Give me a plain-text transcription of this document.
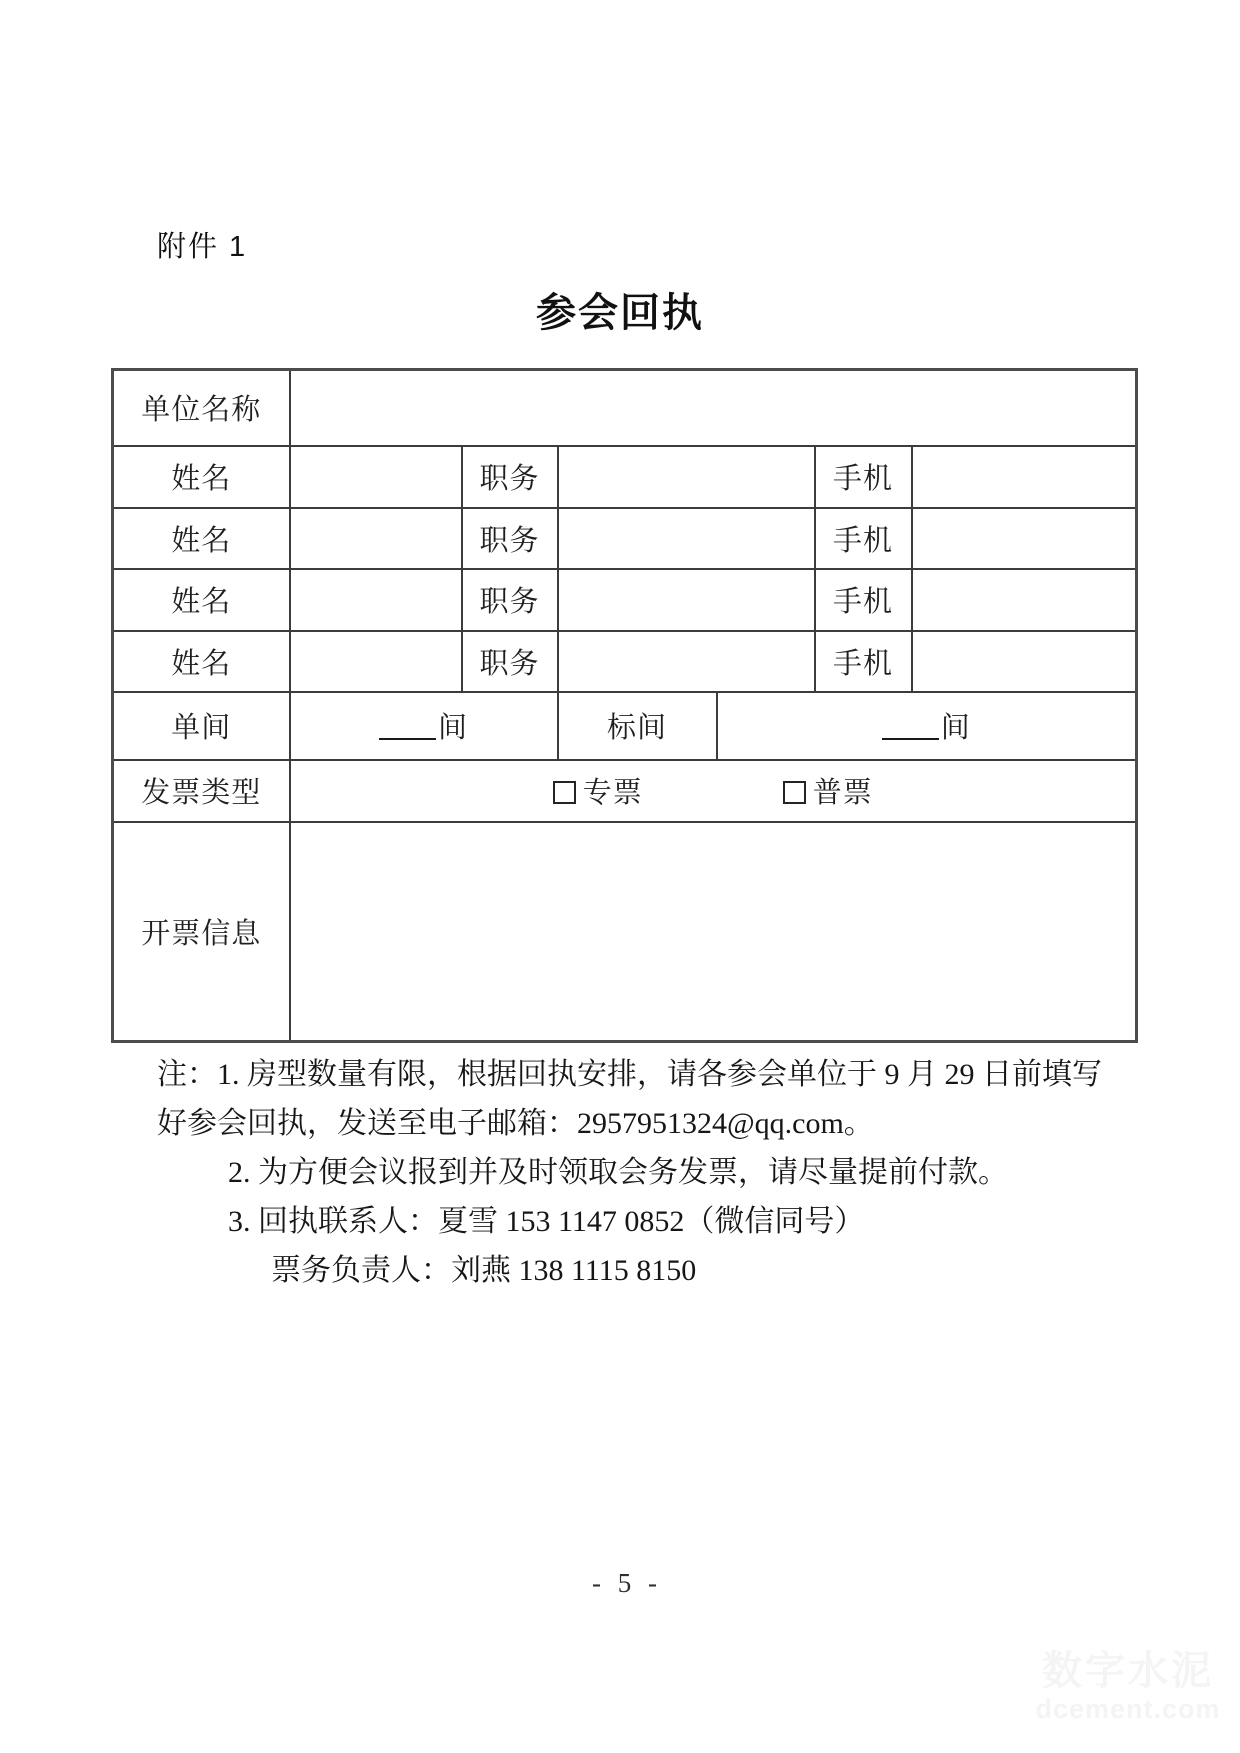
附件 1
参会回执
单位名称						
姓名		职务			手机	
姓名		职务			手机	
姓名		职务			手机	
姓名		职务			手机	
单间	间		标间	间		
发票类型	专票 普票					

开票信息						
注：1. 房型数量有限，根据回执安排，请各参会单位于 9 月 29 日前填写
好参会回执，发送至电子邮箱：2957951324@qq.com。
2. 为方便会议报到并及时领取会务发票，请尽量提前付款。
3. 回执联系人：夏雪 153 1147 0852（微信同号）
票务负责人：刘燕 138 1115 8150
- 5 -
数字水泥
dcement.com
